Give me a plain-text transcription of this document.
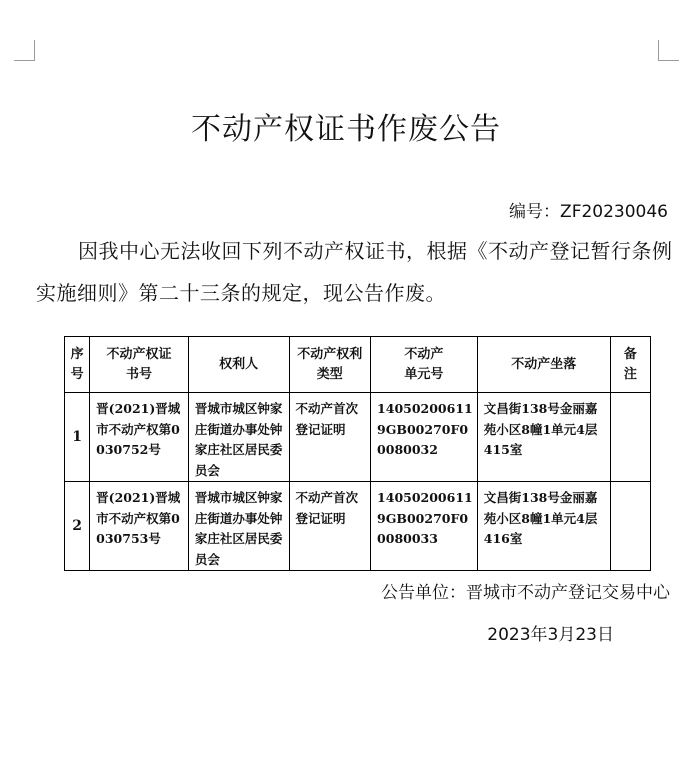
不动产权证书作废公告
编号：ZF20230046

因我中心无法收回下列不动产权证书，根据《不动产登记暂行条例实施细则》第二十三条的规定，现公告作废。

序号	不动产权证书号	权利人	不动产权利类型	不动产单元号	不动产坐落	备注

1	晋(2021)晋城市不动产权第0030752号	晋城市城区钟家庄街道办事处钟家庄社区居民委员会	不动产首次登记证明	140502006119GB00270F00080032	文昌街138号金丽嘉苑小区8幢1单元4层415室	

2	晋(2021)晋城市不动产权第0030753号	晋城市城区钟家庄街道办事处钟家庄社区居民委员会	不动产首次登记证明	140502006119GB00270F00080033	文昌街138号金丽嘉苑小区8幢1单元4层416室	

公告单位：晋城市不动产登记交易中心
2023年3月23日
